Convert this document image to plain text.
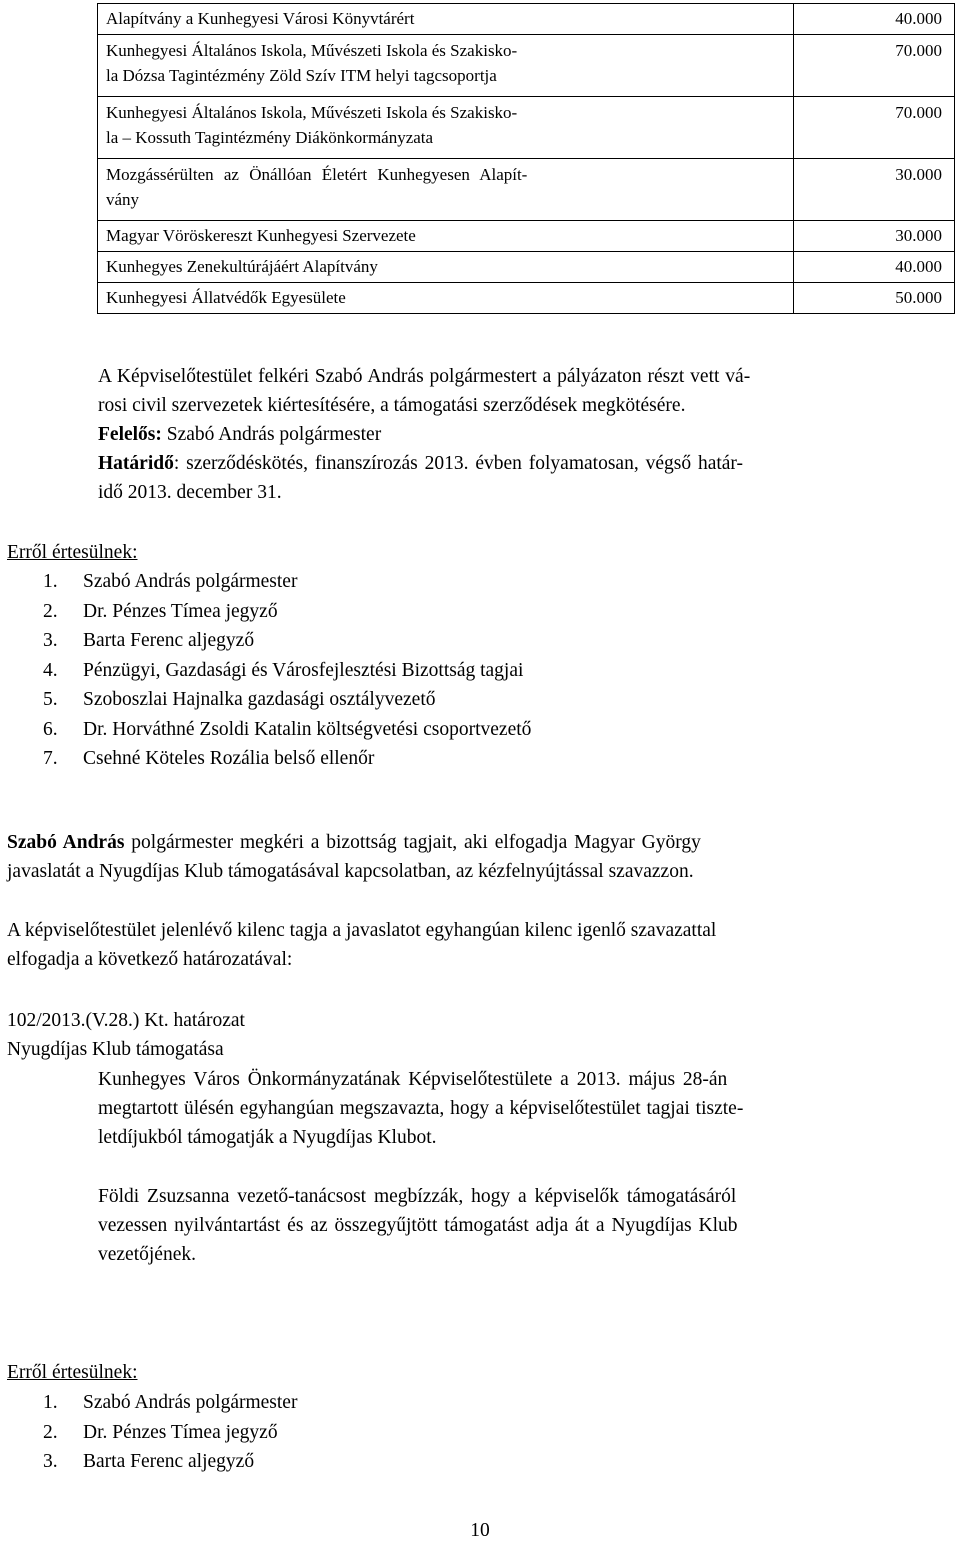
Alapítvány a Kunhegyesi Városi Könyvtárért	40.000

Kunhegyesi Általános Iskola, Művészeti Iskola és Szakisko-
la Dózsa Tagintézmény Zöld Szív ITM helyi tagcsoportja	70.000

Kunhegyesi Általános Iskola, Művészeti Iskola és Szakisko-
la – Kossuth Tagintézmény Diákönkormányzata	70.000

Mozgássérülten az Önállóan Életért Kunhegyesen Alapít-
vány	30.000
Magyar Vöröskereszt Kunhegyesi Szervezete	30.000
Kunhegyes Zenekultúrájáért Alapítvány	40.000
Kunhegyesi Állatvédők Egyesülete	50.000
A Képviselőtestület felkéri Szabó András polgármestert a pályázaton részt vett vá-
rosi civil szervezetek kiértesítésére, a támogatási szerződések megkötésére.
Felelős: Szabó András polgármester
Határidő: szerződéskötés, finanszírozás 2013. évben folyamatosan, végső határ-
idő 2013. december 31.
Erről értesülnek:
1. Szabó András polgármester
2. Dr. Pénzes Tímea jegyző
3. Barta Ferenc aljegyző
4. Pénzügyi, Gazdasági és Városfejlesztési Bizottság tagjai
5. Szoboszlai Hajnalka gazdasági osztályvezető
6. Dr. Horváthné Zsoldi Katalin költségvetési csoportvezető
7. Csehné Köteles Rozália belső ellenőr
Szabó András polgármester megkéri a bizottság tagjait, aki elfogadja Magyar György
javaslatát a Nyugdíjas Klub támogatásával kapcsolatban, az kézfelnyújtással szavazzon.
A képviselőtestület jelenlévő kilenc tagja a javaslatot egyhangúan kilenc igenlő szavazattal
elfogadja a következő határozatával:
102/2013.(V.28.) Kt. határozat
Nyugdíjas Klub támogatása
Kunhegyes Város Önkormányzatának Képviselőtestülete a 2013. május 28-án
megtartott ülésén egyhangúan megszavazta, hogy a képviselőtestület tagjai tiszte-
letdíjukból támogatják a Nyugdíjas Klubot.
Földi Zsuzsanna vezető-tanácsost megbízzák, hogy a képviselők támogatásáról
vezessen nyilvántartást és az összegyűjtött támogatást adja át a Nyugdíjas Klub
vezetőjének.
Erről értesülnek:
1. Szabó András polgármester
2. Dr. Pénzes Tímea jegyző
3. Barta Ferenc aljegyző
10
